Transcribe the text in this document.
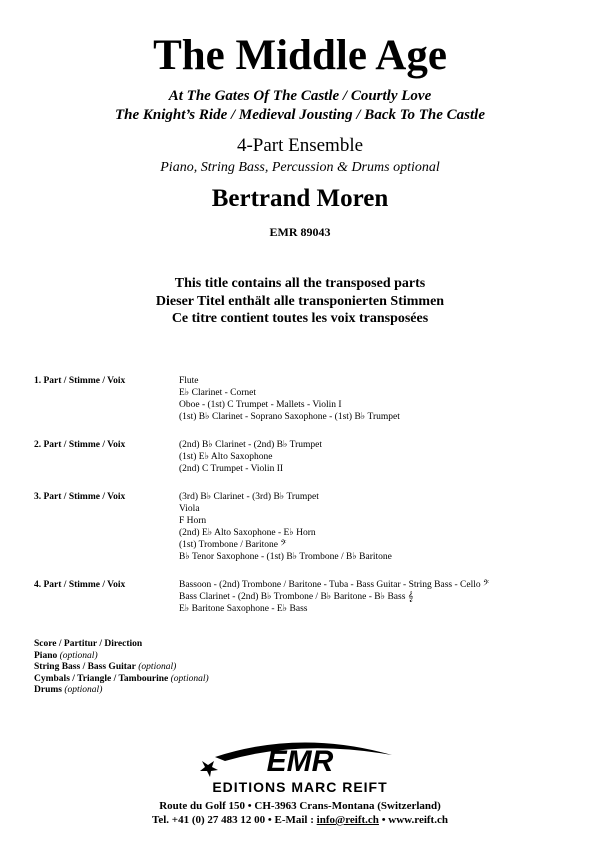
The Middle Age
At The Gates Of The Castle / Courtly Love
The Knight’s Ride / Medieval Jousting / Back To The Castle
4-Part Ensemble
Piano, String Bass, Percussion & Drums optional
Bertrand Moren
EMR 89043
This title contains all the transposed parts
Dieser Titel enthält alle transponierten Stimmen
Ce titre contient toutes les voix transposées
1. Part / Stimme / Voix	Flute
E♭ Clarinet - Cornet
Oboe - (1st) C Trumpet - Mallets - Violin I
(1st) B♭ Clarinet - Soprano Saxophone - (1st) B♭ Trumpet
2. Part / Stimme / Voix	(2nd) B♭ Clarinet - (2nd) B♭ Trumpet
(1st) E♭ Alto Saxophone
(2nd) C Trumpet - Violin II
3. Part / Stimme / Voix	(3rd) B♭ Clarinet - (3rd) B♭ Trumpet
Viola
F Horn
(2nd) E♭ Alto Saxophone - E♭ Horn
(1st) Trombone / Baritone 𝄢
B♭ Tenor Saxophone - (1st) B♭ Trombone / B♭ Baritone
4. Part / Stimme / Voix	Bassoon - (2nd) Trombone / Baritone - Tuba - Bass Guitar - String Bass - Cello 𝄢
Bass Clarinet - (2nd) B♭ Trombone / B♭ Baritone - B♭ Bass 𝄞
E♭ Baritone Saxophone - E♭ Bass
Score / Partitur / Direction
Piano (optional)
String Bass / Bass Guitar (optional)
Cymbals / Triangle / Tambourine (optional)
Drums (optional)
EMR
EDITIONS MARC REIFT
Route du Golf 150 • CH-3963 Crans-Montana (Switzerland)
Tel. +41 (0) 27 483 12 00 • E-Mail : info@reift.ch • www.reift.ch
